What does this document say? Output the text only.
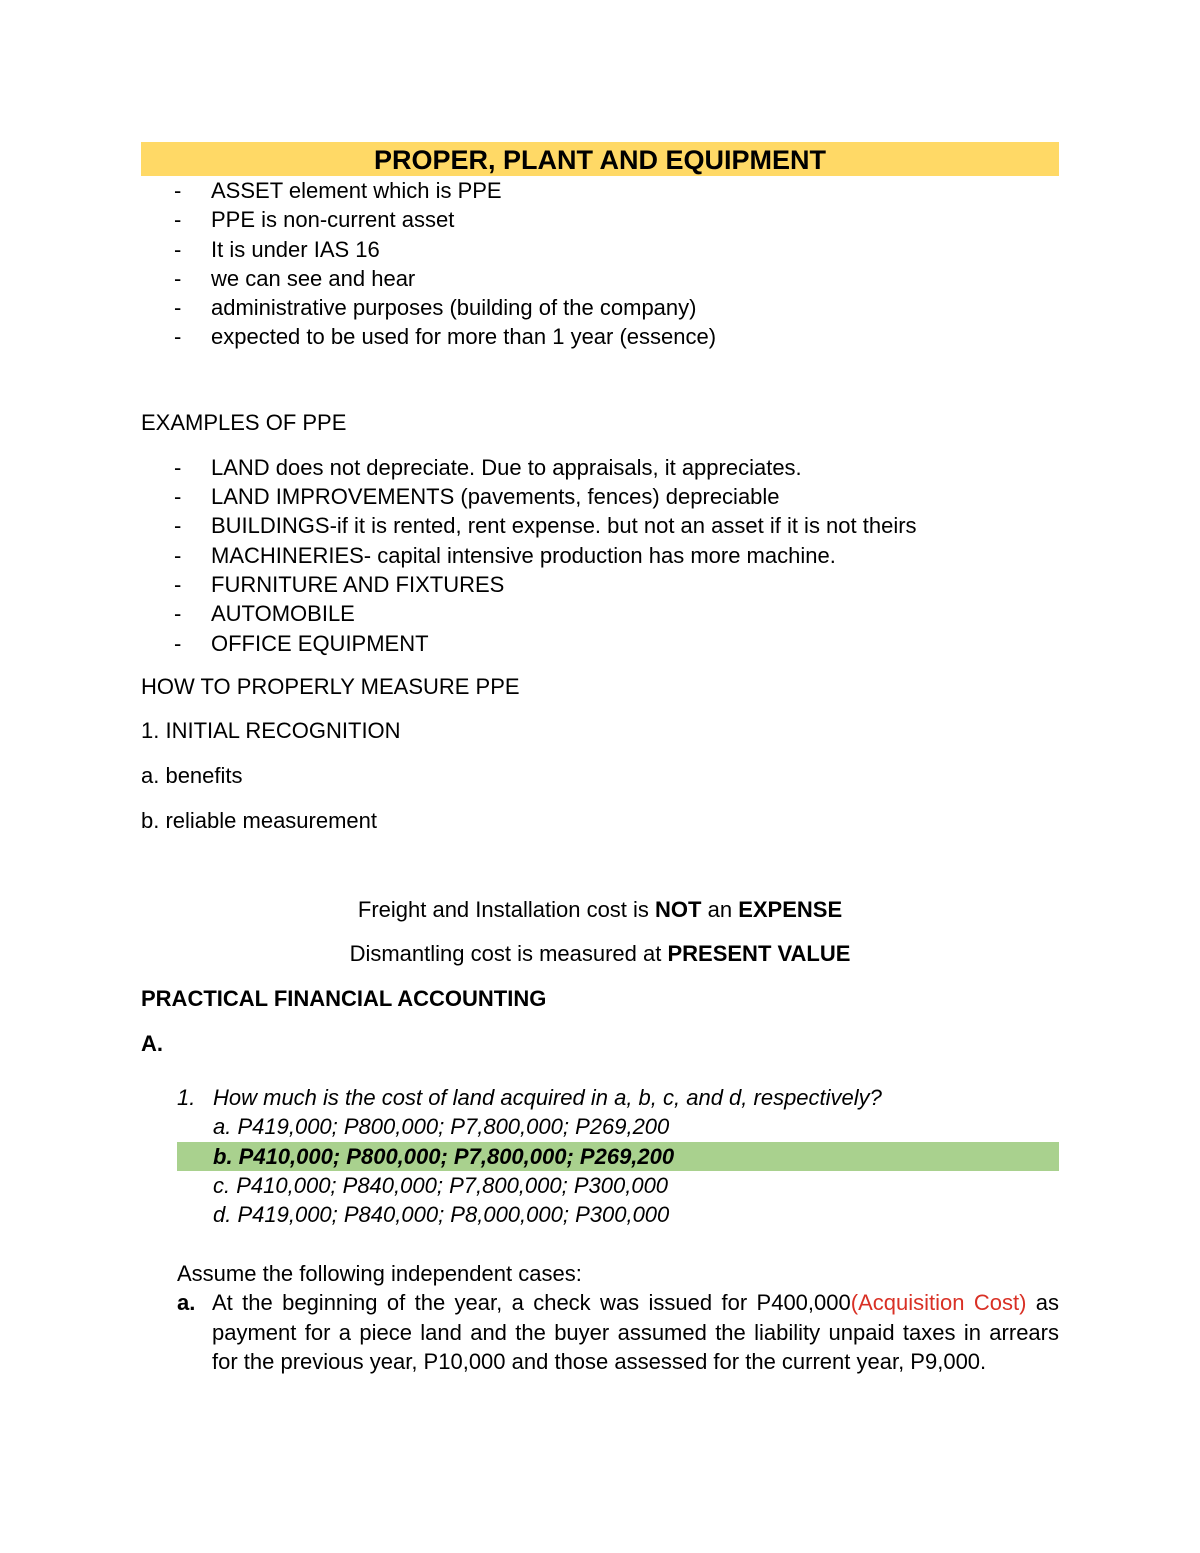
PROPER, PLANT AND EQUIPMENT
- ASSET element which is PPE
- PPE is non-current asset
- It is under IAS 16
- we can see and hear
- administrative purposes (building of the company)
- expected to be used for more than 1 year (essence)

EXAMPLES OF PPE

- LAND does not depreciate. Due to appraisals, it appreciates.
- LAND IMPROVEMENTS (pavements, fences) depreciable
- BUILDINGS-if it is rented, rent expense. but not an asset if it is not theirs
- MACHINERIES- capital intensive production has more machine.
- FURNITURE AND FIXTURES
- AUTOMOBILE
- OFFICE EQUIPMENT

HOW TO PROPERLY MEASURE PPE

1. INITIAL RECOGNITION

a. benefits

b. reliable measurement

Freight and Installation cost is NOT an EXPENSE

Dismantling cost is measured at PRESENT VALUE

PRACTICAL FINANCIAL ACCOUNTING

A.

1. How much is the cost of land acquired in a, b, c, and d, respectively?
a. P419,000; P800,000; P7,800,000; P269,200
b. P410,000; P800,000; P7,800,000; P269,200
c. P410,000; P840,000; P7,800,000; P300,000
d. P419,000; P840,000; P8,000,000; P300,000
Assume the following independent cases:
a. At the beginning of the year, a check was issued for P400,000(Acquisition Cost) as payment for a piece land and the buyer assumed the liability unpaid taxes in arrears for the previous year, P10,000 and those assessed for the current year, P9,000.
